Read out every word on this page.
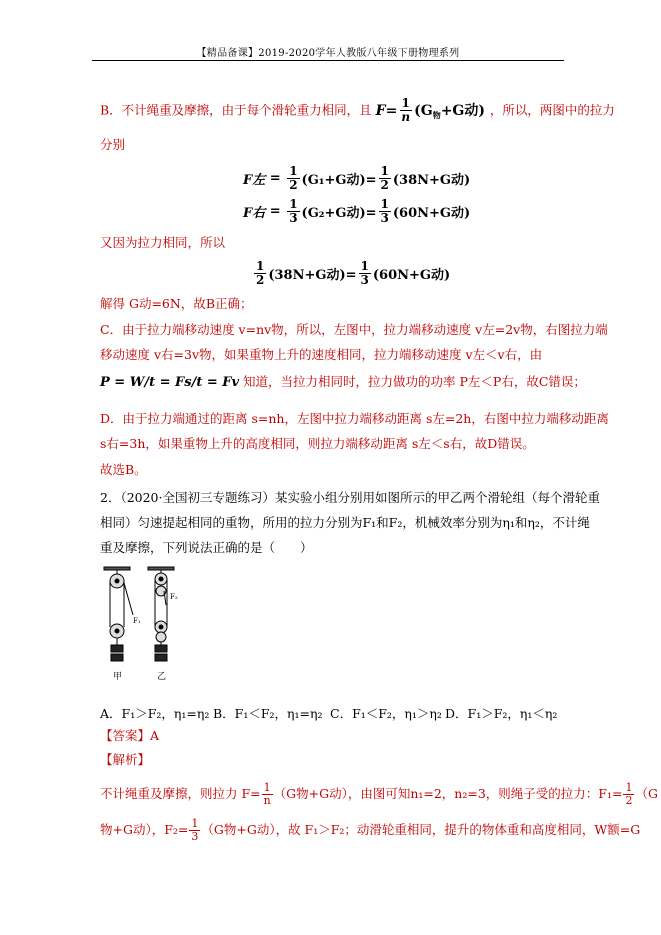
【精品备课】2019-2020学年人教版八年级下册物理系列
B．不计绳重及摩擦，由于每个滑轮重力相同，且 $F= \frac{1}{n} (G_物+G$动) ，所以，两图中的拉力
分别
F左 = $\frac{1}{2} (G_1+G$动)= $\frac{1}{2} (38N+G$动)
F右 = $\frac{1}{3} (G_2+G$动)= $\frac{1}{3} (60N+G$动)
又因为拉力相同，所以
$\frac{1}{2} (38N+G$动)= $\frac{1}{3} (60N+G$动)
解得 G动=6N，故B正确；
C．由于拉力端移动速度 v=nv物，所以，左图中，拉力端移动速度 v左=2v物，右图拉力端
移动速度 v右=3v物，如果重物上升的速度相同，拉力端移动速度 v左＜v右，由
P = W/t = Fs/t = Fv 知道，当拉力相同时，拉力做功的功率 P左＜P右，故C错误；
D．由于拉力端通过的距离 s=nh，左图中拉力端移动距离 s左=2h，右图中拉力端移动距离
s右=3h，如果重物上升的高度相同，则拉力端移动距离 s左＜s右，故D错误。
故选B。
2．（2020·全国初三专题练习）某实验小组分别用如图所示的甲乙两个滑轮组（每个滑轮重
相同）匀速提起相同的重物，所用的拉力分别为F₁和F₂，机械效率分别为η₁和η₂，不计绳
重及摩擦，下列说法正确的是（　　）
F₁
F₂
甲	乙
A．F₁＞F₂，η₁=η₂ B．F₁＜F₂，η₁=η₂ C．F₁＜F₂，η₁＞η₂ D．F₁＞F₂，η₁＜η₂
【答案】A
【解析】
不计绳重及摩擦，则拉力 $F= \frac{1}{n} (G$物+G动），由图可知n₁=2，n₂=3，则绳子受的拉力：$F_1= \frac{1}{2} (G$
物+G动），$F_2= \frac{1}{3} (G$物+G动），故 F₁＞F₂；动滑轮重相同，提升的物体重和高度相同，W额=G
